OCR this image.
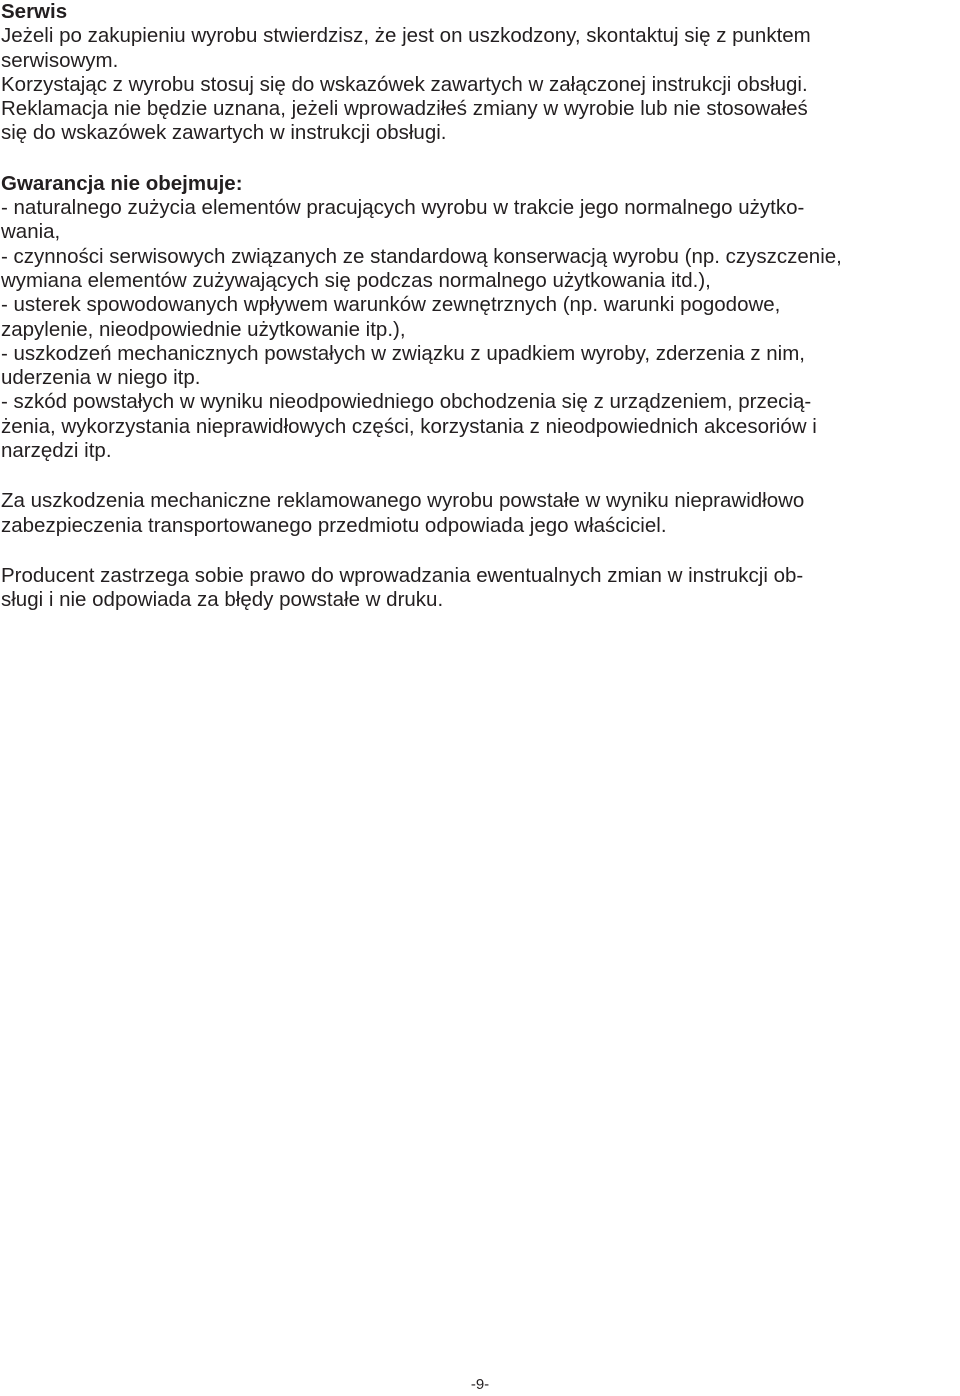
Serwis
Jeżeli po zakupieniu wyrobu stwierdzisz, że jest on uszkodzony, skontaktuj się z punktem
serwisowym.
Korzystając z wyrobu stosuj się do wskazówek zawartych w załączonej instrukcji obsługi.
Reklamacja nie będzie uznana, jeżeli wprowadziłeś zmiany w wyrobie lub nie stosowałeś
się do wskazówek zawartych w instrukcji obsługi.
Gwarancja nie obejmuje:
- naturalnego zużycia elementów pracujących wyrobu w trakcie jego normalnego użytko-
wania,
- czynności serwisowych związanych ze standardową konserwacją wyrobu (np. czyszczenie,
wymiana elementów zużywających się podczas normalnego użytkowania itd.),
- usterek spowodowanych wpływem warunków zewnętrznych (np. warunki pogodowe,
zapylenie, nieodpowiednie użytkowanie itp.),
- uszkodzeń mechanicznych powstałych w związku z upadkiem wyroby, zderzenia z nim,
uderzenia w niego itp.
- szkód powstałych w wyniku nieodpowiedniego obchodzenia się z urządzeniem, przecią-
żenia, wykorzystania nieprawidłowych części, korzystania z nieodpowiednich akcesoriów i
narzędzi itp.
Za uszkodzenia mechaniczne reklamowanego wyrobu powstałe w wyniku nieprawidłowo
zabezpieczenia transportowanego przedmiotu odpowiada jego właściciel.
Producent zastrzega sobie prawo do wprowadzania ewentualnych zmian w instrukcji ob-
sługi i nie odpowiada za błędy powstałe w druku.
-9-
